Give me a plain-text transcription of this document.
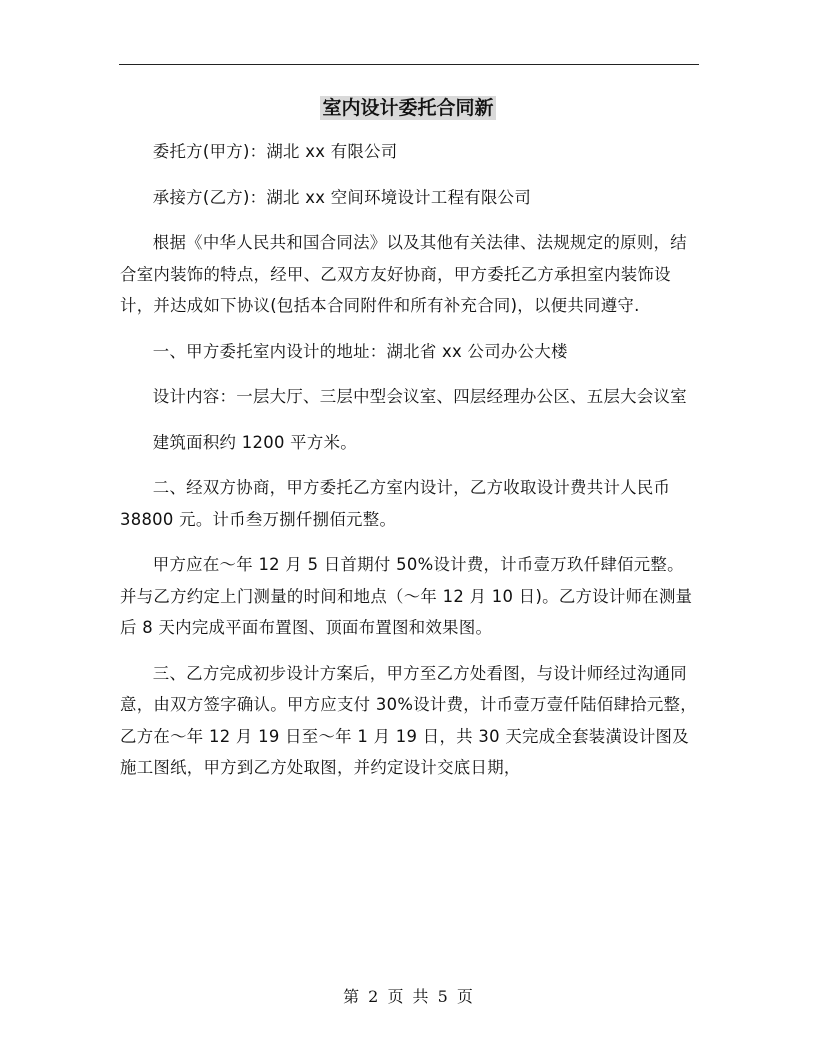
室内设计委托合同新

委托方(甲方)：湖北 xx 有限公司

承接方(乙方)：湖北 xx 空间环境设计工程有限公司

根据《中华人民共和国合同法》以及其他有关法律、法规规定的原则，结合室内装饰的特点，经甲、乙双方友好协商，甲方委托乙方承担室内装饰设计，并达成如下协议(包括本合同附件和所有补充合同)，以便共同遵守.

一、甲方委托室内设计的地址：湖北省 xx 公司办公大楼

设计内容：一层大厅、三层中型会议室、四层经理办公区、五层大会议室

建筑面积约 1200 平方米。

二、经双方协商，甲方委托乙方室内设计，乙方收取设计费共计人民币 38800 元。计币叁万捌仟捌佰元整。

甲方应在～年 12 月 5 日首期付 50%设计费，计币壹万玖仟肆佰元整。并与乙方约定上门测量的时间和地点（～年 12 月 10 日)。乙方设计师在测量后 8 天内完成平面布置图、顶面布置图和效果图。

三、乙方完成初步设计方案后，甲方至乙方处看图，与设计师经过沟通同意，由双方签字确认。甲方应支付 30%设计费，计币壹万壹仟陆佰肆拾元整，乙方在～年 12 月 19 日至～年 1 月 19 日，共 30 天完成全套装潢设计图及施工图纸，甲方到乙方处取图，并约定设计交底日期，

第 2 页 共 5 页
